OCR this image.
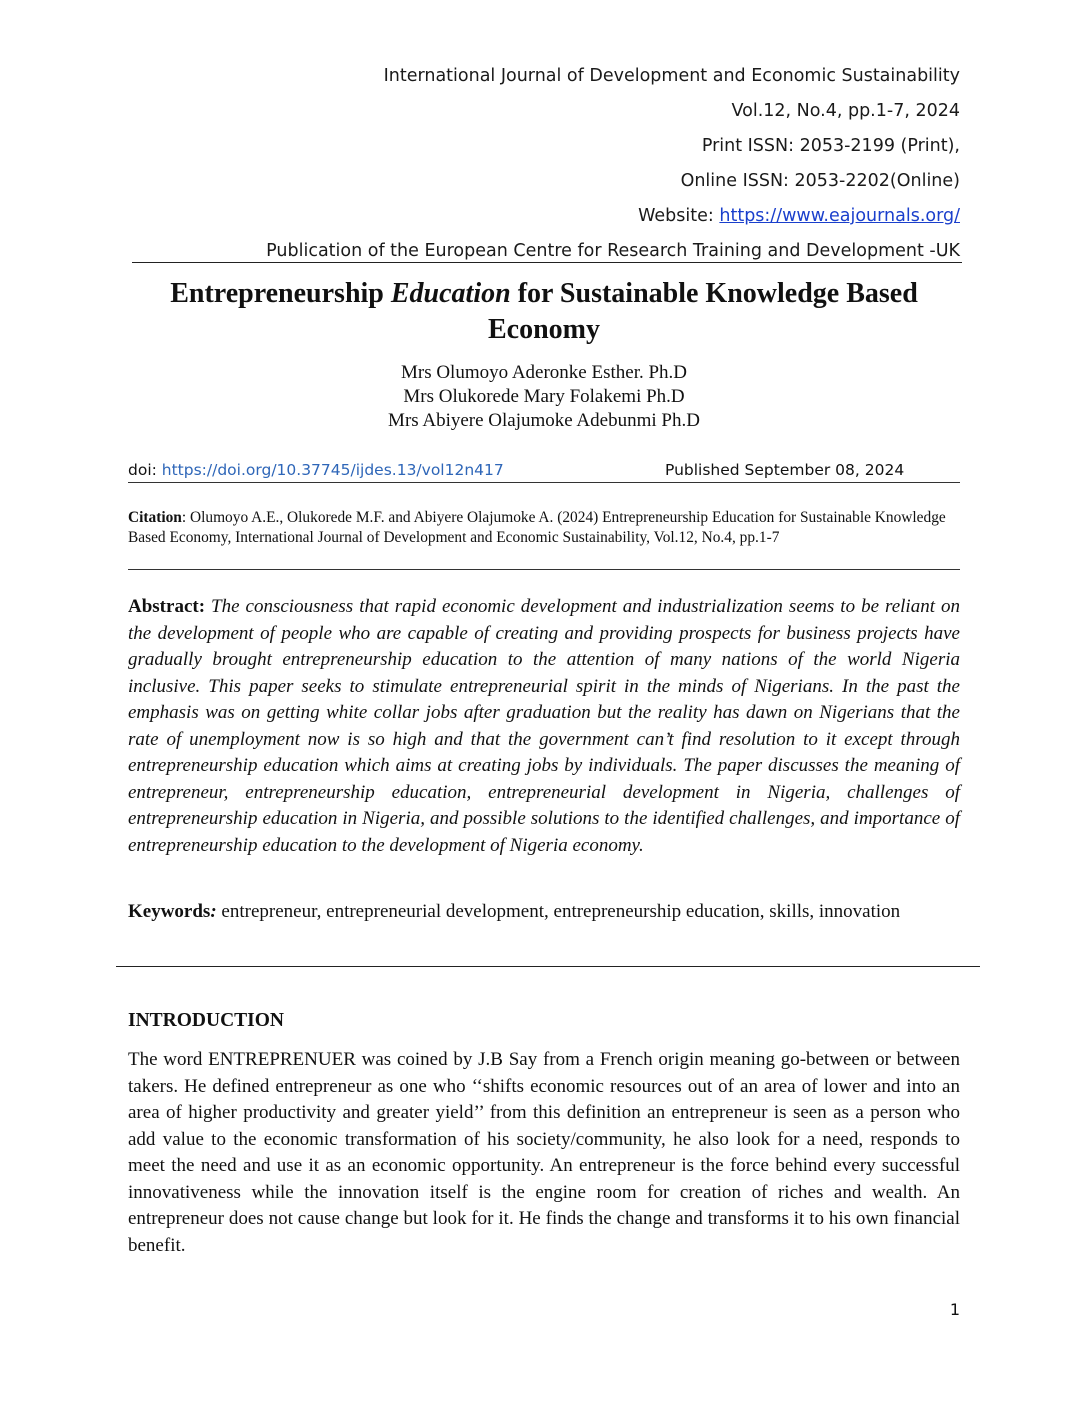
International Journal of Development and Economic Sustainability
Vol.12, No.4, pp.1-7, 2024
Print ISSN: 2053-2199 (Print),
Online ISSN: 2053-2202(Online)
Website: https://www.eajournals.org/
Publication of the European Centre for Research Training and Development -UK
Entrepreneurship Education for Sustainable Knowledge Based Economy
Mrs Olumoyo Aderonke Esther. Ph.D
Mrs Olukorede Mary Folakemi Ph.D
Mrs Abiyere Olajumoke Adebunmi Ph.D
doi: https://doi.org/10.37745/ijdes.13/vol12n417	Published September 08, 2024
Citation: Olumoyo A.E., Olukorede M.F. and Abiyere Olajumoke A. (2024) Entrepreneurship Education for Sustainable Knowledge Based Economy, International Journal of Development and Economic Sustainability, Vol.12, No.4, pp.1-7
Abstract: The consciousness that rapid economic development and industrialization seems to be reliant on the development of people who are capable of creating and providing prospects for business projects have gradually brought entrepreneurship education to the attention of many nations of the world Nigeria inclusive. This paper seeks to stimulate entrepreneurial spirit in the minds of Nigerians. In the past the emphasis was on getting white collar jobs after graduation but the reality has dawn on Nigerians that the rate of unemployment now is so high and that the government can’t find resolution to it except through entrepreneurship education which aims at creating jobs by individuals. The paper discusses the meaning of entrepreneur, entrepreneurship education, entrepreneurial development in Nigeria, challenges of entrepreneurship education in Nigeria, and possible solutions to the identified challenges, and importance of entrepreneurship education to the development of Nigeria economy.
Keywords: entrepreneur, entrepreneurial development, entrepreneurship education, skills, innovation
INTRODUCTION
The word ENTREPRENUER was coined by J.B Say from a French origin meaning go-between or between takers. He defined entrepreneur as one who ‘‘shifts economic resources out of an area of lower and into an area of higher productivity and greater yield’’ from this definition an entrepreneur is seen as a person who add value to the economic transformation of his society/community, he also look for a need, responds to meet the need and use it as an economic opportunity. An entrepreneur is the force behind every successful innovativeness while the innovation itself is the engine room for creation of riches and wealth. An entrepreneur does not cause change but look for it. He finds the change and transforms it to his own financial benefit.
1
